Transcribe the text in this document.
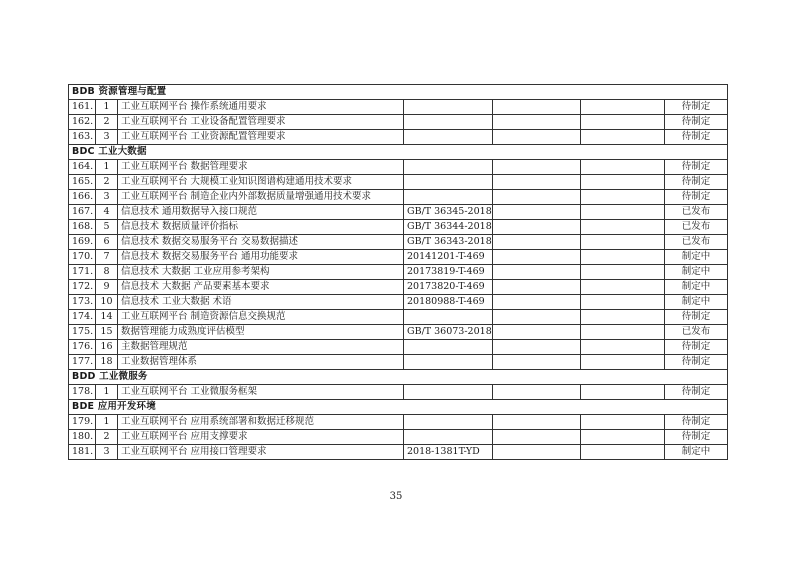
BDB 资源管理与配置						
161.	1	工业互联网平台 操作系统通用要求				待制定
162.	2	工业互联网平台 工业设备配置管理要求				待制定
163.	3	工业互联网平台 工业资源配置管理要求				待制定
BDC 工业大数据						
164.	1	工业互联网平台 数据管理要求				待制定
165.	2	工业互联网平台 大规模工业知识图谱构建通用技术要求				待制定
166.	3	工业互联网平台 制造企业内外部数据质量增强通用技术要求				待制定
167.	4	信息技术 通用数据导入接口规范	GB/T 36345-2018			已发布
168.	5	信息技术 数据质量评价指标	GB/T 36344-2018			已发布
169.	6	信息技术 数据交易服务平台 交易数据描述	GB/T 36343-2018			已发布
170.	7	信息技术 数据交易服务平台 通用功能要求	20141201-T-469			制定中
171.	8	信息技术 大数据 工业应用参考架构	20173819-T-469			制定中
172.	9	信息技术 大数据 产品要素基本要求	20173820-T-469			制定中
173.	10	信息技术 工业大数据 术语	20180988-T-469			制定中
174.	14	工业互联网平台 制造资源信息交换规范				待制定
175.	15	数据管理能力成熟度评估模型	GB/T 36073-2018			已发布
176.	16	主数据管理规范				待制定
177.	18	工业数据管理体系				待制定
BDD 工业微服务						
178.	1	工业互联网平台 工业微服务框架				待制定
BDE 应用开发环境						
179.	1	工业互联网平台 应用系统部署和数据迁移规范				待制定
180.	2	工业互联网平台 应用支撑要求				待制定
181.	3	工业互联网平台 应用接口管理要求	2018-1381T-YD			制定中
35
